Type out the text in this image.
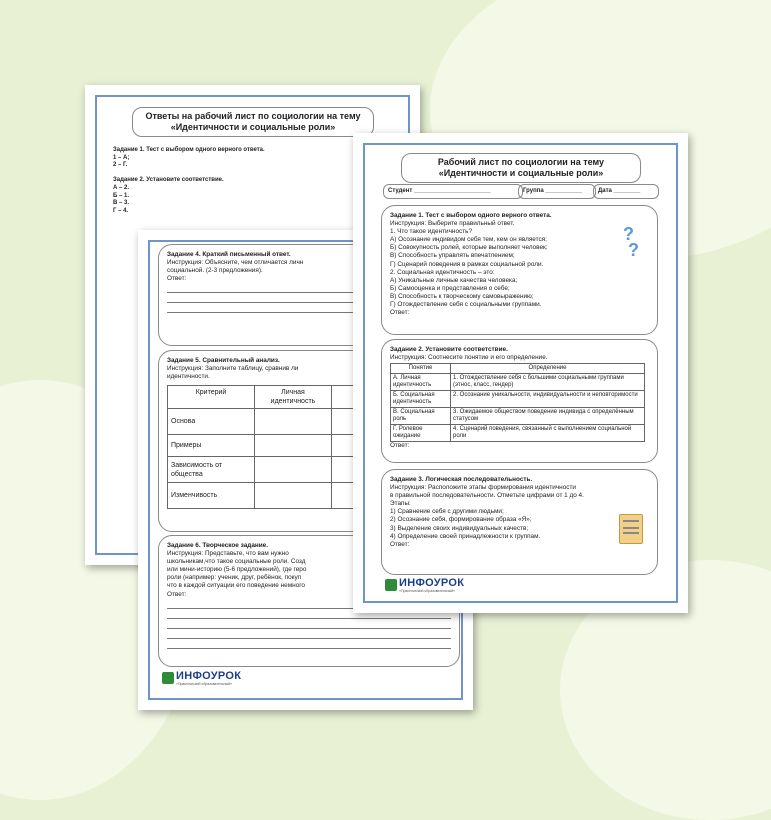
Ответы на рабочий лист по социологии на тему
«Идентичности и социальные роли»
Задание 1. Тест с выбором одного верного ответа.
1 – А;
2 – Г.

Задание 2. Установите соответствие.
А – 2.
Б – 1.
В – 3.
Г – 4.
Задание 4. Краткий письменный ответ.
Инструкция: Объясните, чем отличается личн
социальной. (2-3 предложения).
Ответ:
Задание 5. Сравнительный анализ.
Инструкция: Заполните таблицу, сравнив ли
идентичности.
Критерий	Личная идентичность	
Основа		
Примеры		
Зависимость от общества		
Изменчивость		
Задание 6. Творческое задание.
Инструкция: Представьте, что вам нужно
школьникам,что такое социальные роли. Созд
или мини-историю (5-6 предложений), где геро
роли (например: ученик, друг, ребёнок, покуп
что в каждой ситуации его поведение немного
Ответ:
ИНФОУРОК
«Практический образовательный»
Рабочий лист по социологии на тему
«Идентичности и социальные роли»
Студент _______________________	Группа ___________	Дата ________
Задание 1. Тест с выбором одного верного ответа.
Инструкция: Выберите правильный ответ.
1. Что такое идентичность?
А) Осознание индивидом себя тем, кем он является;
Б) Совокупность ролей, которые выполняет человек;
В) Способность управлять впечатлением;
Г) Сценарий поведения в рамках социальной роли.
2. Социальная идентичность – это:
А) Уникальные личные качества человека;
Б) Самооценка и представления о себе;
В) Способность к творческому самовыражению;
Г) Отождествление себя с социальными группами.
Ответ:
?
?
Задание 2. Установите соответствие.
Инструкция: Соотнесите понятие и его определение.
Понятие	Определение
А. Личная идентичность	1. Отождествление себя с большими социальными группами (этнос, класс, гендер)
Б. Социальная идентичность	2. Осознание уникальности, индивидуальности и неповторимости
В. Социальная роль	3. Ожидаемое обществом поведение индивида с определённым статусом
Г. Ролевое ожидание	4. Сценарий поведения, связанный с выполнением социальной роли
Ответ:
Задание 3. Логическая последовательность.
Инструкция: Расположите этапы формирования идентичности
в правильной последовательности. Отметьте цифрами от 1 до 4.
Этапы:
1) Сравнение себя с другими людьми;
2) Осознание себя, формирование образа «Я»;
3) Выделение своих индивидуальных качеств;
4) Определение своей принадлежности к группам.
Ответ:
ИНФОУРОК
«Практический образовательный»
